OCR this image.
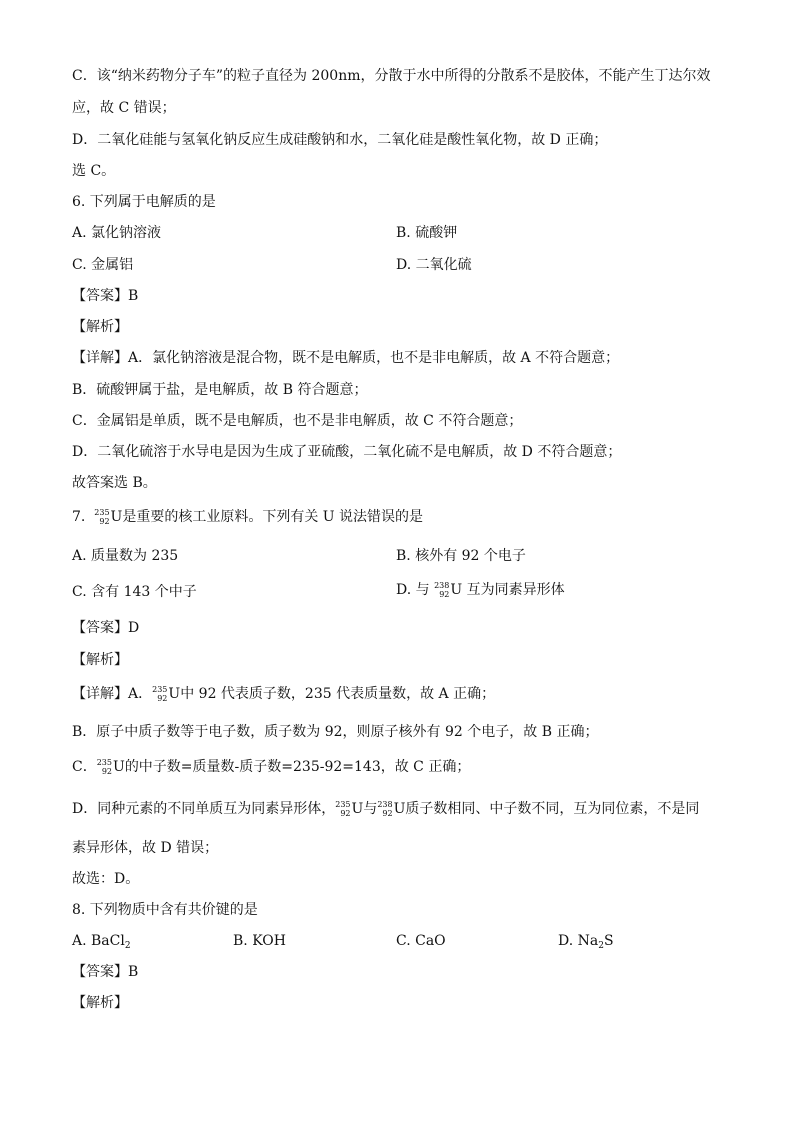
C．该“纳米药物分子车”的粒子直径为 200nm，分散于水中所得的分散系不是胶体，不能产生丁达尔效
应，故 C 错误；
D．二氧化硅能与氢氧化钠反应生成硅酸钠和水，二氧化硅是酸性氧化物，故 D 正确；
选 C。
6. 下列属于电解质的是
A. 氯化钠溶液	B. 硫酸钾
C. 金属铝	D. 二氧化硫
【答案】B
【解析】
【详解】A．氯化钠溶液是混合物，既不是电解质，也不是非电解质，故 A 不符合题意；
B．硫酸钾属于盐，是电解质，故 B 符合题意；
C．金属铝是单质，既不是电解质，也不是非电解质，故 C 不符合题意；
D．二氧化硫溶于水导电是因为生成了亚硫酸，二氧化硫不是电解质，故 D 不符合题意；
故答案选 B。
7. 235
92 U是重要的核工业原料。下列有关 U 说法错误的是
A. 质量数为 235	B. 核外有 92 个电子
C. 含有 143 个中子	D. 与 238
92 U 互为同素异形体
【答案】D
【解析】
【详解】A． 235
92 U中 92 代表质子数，235 代表质量数，故 A 正确；
B．原子中质子数等于电子数，质子数为 92，则原子核外有 92 个电子，故 B 正确；
C． 235
92 U的中子数=质量数-质子数=235-92=143，故 C 正确；
D．同种元素的不同单质互为同素异形体， 235
92 U与 238
92 U质子数相同、中子数不同，互为同位素，不是同
素异形体，故 D 错误；
故选：D。
8. 下列物质中含有共价键的是
A. BaCl$_2$	B. KOH	C. CaO	D. $Na_2S$
【答案】B
【解析】
